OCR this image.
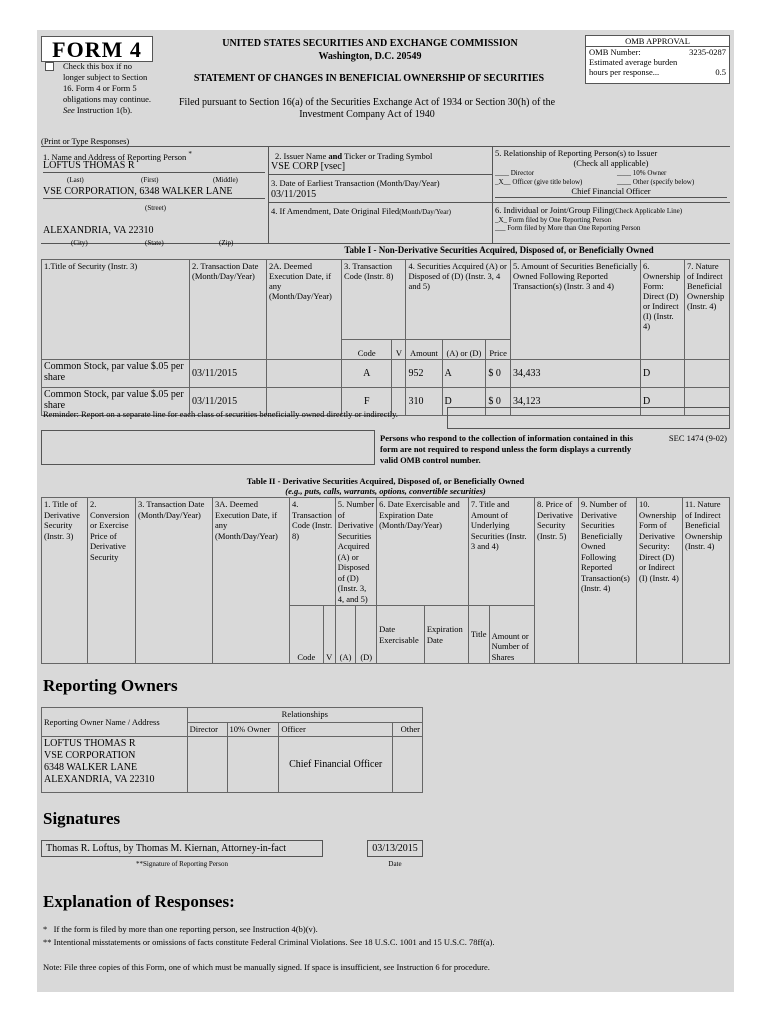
FORM 4
Check this box if no longer subject to Section 16. Form 4 or Form 5 obligations may continue. See Instruction 1(b).
UNITED STATES SECURITIES AND EXCHANGE COMMISSION
Washington, D.C. 20549
STATEMENT OF CHANGES IN BENEFICIAL OWNERSHIP OF SECURITIES
Filed pursuant to Section 16(a) of the Securities Exchange Act of 1934 or Section 30(h) of the
Investment Company Act of 1940
OMB APPROVAL
OMB Number:	3235-0287
Estimated average burden
hours per response...	0.5
(Print or Type Responses)
1. Name and Address of Reporting Person *
LOFTUS THOMAS R
(Last)	(First)	(Middle)
VSE CORPORATION, 6348 WALKER LANE
(Street)
ALEXANDRIA, VA 22310
(City)	(State)	(Zip)
2. Issuer Name and Ticker or Trading Symbol
VSE CORP [vsec]
3. Date of Earliest Transaction (Month/Day/Year)
03/11/2015
4. If Amendment, Date Original Filed(Month/Day/Year)
5. Relationship of Reporting Person(s) to Issuer
(Check all applicable)
____ Director	____ 10% Owner
_X__ Officer (give title below)	____ Other (specify below)
Chief Financial Officer
6. Individual or Joint/Group Filing(Check Applicable Line)
_X_ Form filed by One Reporting Person
___ Form filed by More than One Reporting Person
Table I - Non-Derivative Securities Acquired, Disposed of, or Beneficially Owned
1.Title of Security (Instr. 3)	2. Transaction Date (Month/Day/Year)	2A. Deemed Execution Date, if any (Month/Day/Year)	3. Transaction Code (Instr. 8)		4. Securities Acquired (A) or Disposed of (D) (Instr. 3, 4 and 5)			5. Amount of Securities Beneficially Owned Following Reported Transaction(s) (Instr. 3 and 4)	6. Ownership Form: Direct (D) or Indirect (I) (Instr. 4)	7. Nature of Indirect Beneficial Ownership (Instr. 4)
			Code	V	Amount	(A) or (D)	Price			
Common Stock, par value $.05 per share	03/11/2015		A		952	A	$ 0	34,433	D	
Common Stock, par value $.05 per share	03/11/2015		F		310	D	$ 0	34,123	D	
Reminder: Report on a separate line for each class of securities beneficially owned directly or indirectly.
Persons who respond to the collection of information contained in this form are not required to respond unless the form displays a currently valid OMB control number.
SEC 1474 (9-02)
Table II - Derivative Securities Acquired, Disposed of, or Beneficially Owned
(e.g., puts, calls, warrants, options, convertible securities)
1. Title of Derivative Security (Instr. 3)	2. Conversion or Exercise Price of Derivative Security	3. Transaction Date (Month/Day/Year)	3A. Deemed Execution Date, if any (Month/Day/Year)	4. Transaction Code (Instr. 8)		5. Number of Derivative Securities Acquired (A) or Disposed of (D) (Instr. 3, 4, and 5)		6. Date Exercisable and Expiration Date (Month/Day/Year)		7. Title and Amount of Underlying Securities (Instr. 3 and 4)		8. Price of Derivative Security (Instr. 5)	9. Number of Derivative Securities Beneficially Owned Following Reported Transaction(s) (Instr. 4)	10. Ownership Form of Derivative Security: Direct (D) or Indirect (I) (Instr. 4)	11. Nature of Indirect Beneficial Ownership (Instr. 4)
				Code	V	(A)	(D)	Date Exercisable	Expiration Date	Title	Amount or Number of Shares				
Reporting Owners
Reporting Owner Name / Address	Relationships			
	Director	10% Owner	Officer	Other

LOFTUS THOMAS R
VSE CORPORATION
6348 WALKER LANE
ALEXANDRIA, VA 22310			Chief Financial Officer	
Signatures
Thomas R. Loftus, by Thomas M. Kiernan, Attorney-in-fact	03/13/2015
**Signature of Reporting Person	Date
Explanation of Responses:
* If the form is filed by more than one reporting person, see Instruction 4(b)(v).
** Intentional misstatements or omissions of facts constitute Federal Criminal Violations. See 18 U.S.C. 1001 and 15 U.S.C. 78ff(a).
Note: File three copies of this Form, one of which must be manually signed. If space is insufficient, see Instruction 6 for procedure.
